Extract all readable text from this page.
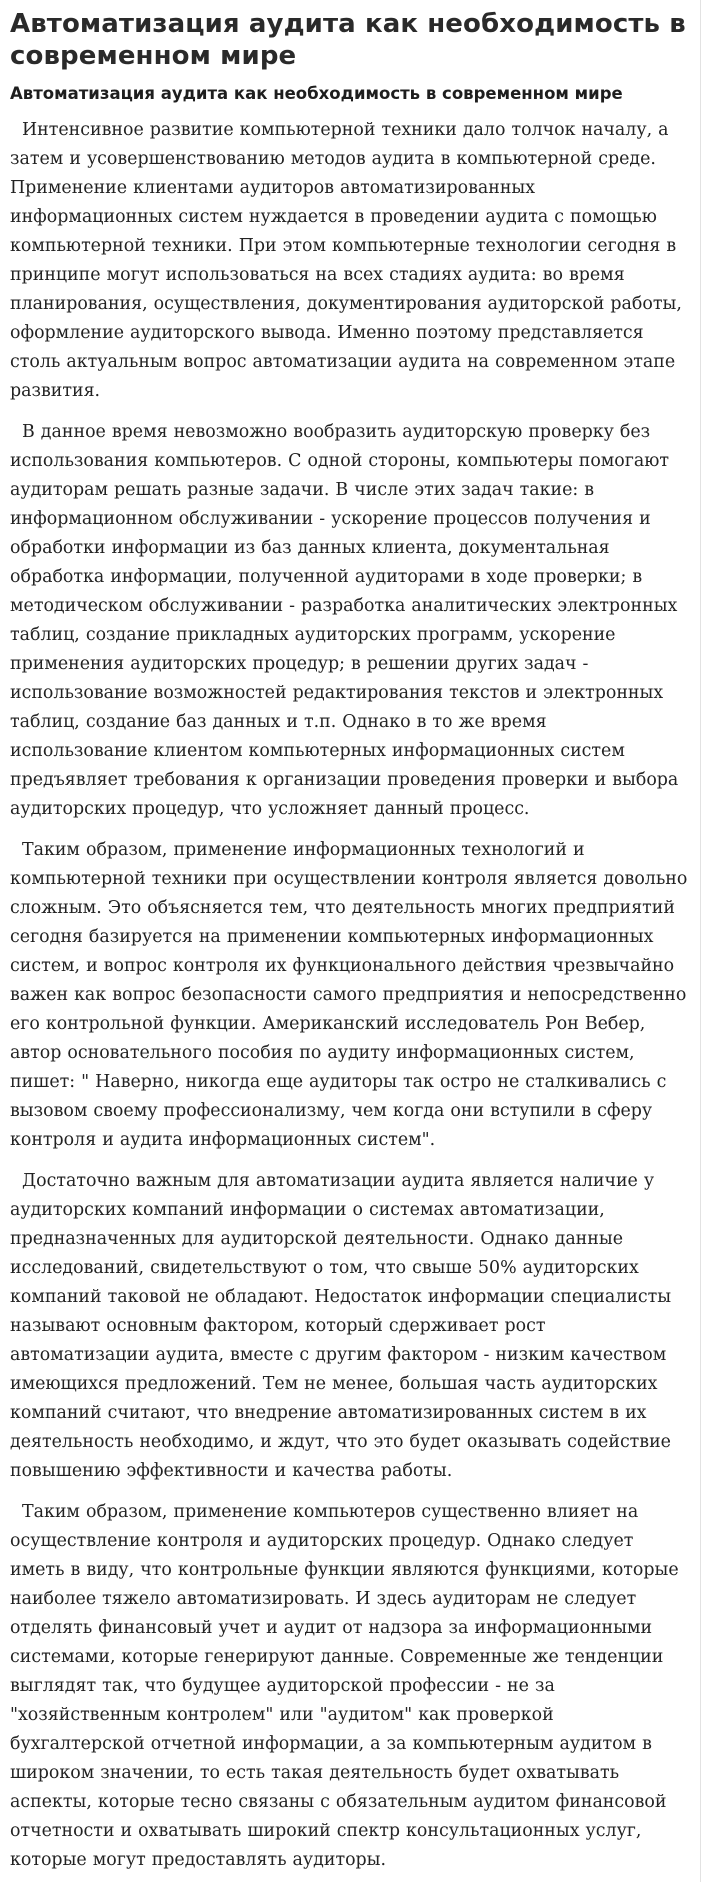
Автоматизация аудита как необходимость в современном мире
Автоматизация аудита как необходимость в современном мире

Интенсивное развитие компьютерной техники дало толчок началу, а затем и усовершенствованию методов аудита в компьютерной среде. Применение клиентами аудиторов автоматизированных информационных систем нуждается в проведении аудита с помощью компьютерной техники. При этом компьютерные технологии сегодня в принципе могут использоваться на всех стадиях аудита: во время планирования, осуществления, документирования аудиторской работы, оформление аудиторского вывода. Именно поэтому представляется столь актуальным вопрос автоматизации аудита на современном этапе развития.

В данное время невозможно вообразить аудиторскую проверку без использования компьютеров. С одной стороны, компьютеры помогают аудиторам решать разные задачи. В числе этих задач такие: в информационном обслуживании - ускорение процессов получения и обработки информации из баз данных клиента, документальная обработка информации, полученной аудиторами в ходе проверки; в методическом обслуживании - разработка аналитических электронных таблиц, создание прикладных аудиторских программ, ускорение применения аудиторских процедур; в решении других задач - использование возможностей редактирования текстов и электронных таблиц, создание баз данных и т.п. Однако в то же время использование клиентом компьютерных информационных систем предъявляет требования к организации проведения проверки и выбора аудиторских процедур, что усложняет данный процесс.

Таким образом, применение информационных технологий и компьютерной техники при осуществлении контроля является довольно сложным. Это объясняется тем, что деятельность многих предприятий сегодня базируется на применении компьютерных информационных систем, и вопрос контроля их функционального действия чрезвычайно важен как вопрос безопасности самого предприятия и непосредственно его контрольной функции. Американский исследователь Рон Вебер, автор основательного пособия по аудиту информационных систем, пишет: " Наверно, никогда еще аудиторы так остро не сталкивались с вызовом своему профессионализму, чем когда они вступили в сферу контроля и аудита информационных систем".

Достаточно важным для автоматизации аудита является наличие у аудиторских компаний информации о системах автоматизации, предназначенных для аудиторской деятельности. Однако данные исследований, свидетельствуют о том, что свыше 50% аудиторских компаний таковой не обладают. Недостаток информации специалисты называют основным фактором, который сдерживает рост автоматизации аудита, вместе с другим фактором - низким качеством имеющихся предложений. Тем не менее, большая часть аудиторских компаний считают, что внедрение автоматизированных систем в их деятельность необходимо, и ждут, что это будет оказывать содействие повышению эффективности и качества работы.

Таким образом, применение компьютеров существенно влияет на осуществление контроля и аудиторских процедур. Однако следует иметь в виду, что контрольные функции являются функциями, которые наиболее тяжело автоматизировать. И здесь аудиторам не следует отделять финансовый учет и аудит от надзора за информационными системами, которые генерируют данные. Современные же тенденции выглядят так, что будущее аудиторской профессии - не за "хозяйственным контролем" или "аудитом" как проверкой бухгалтерской отчетной информации, а за компьютерным аудитом в широком значении, то есть такая деятельность будет охватывать аспекты, которые тесно связаны с обязательным аудитом финансовой отчетности и охватывать широкий спектр консультационных услуг, которые могут предоставлять аудиторы.
